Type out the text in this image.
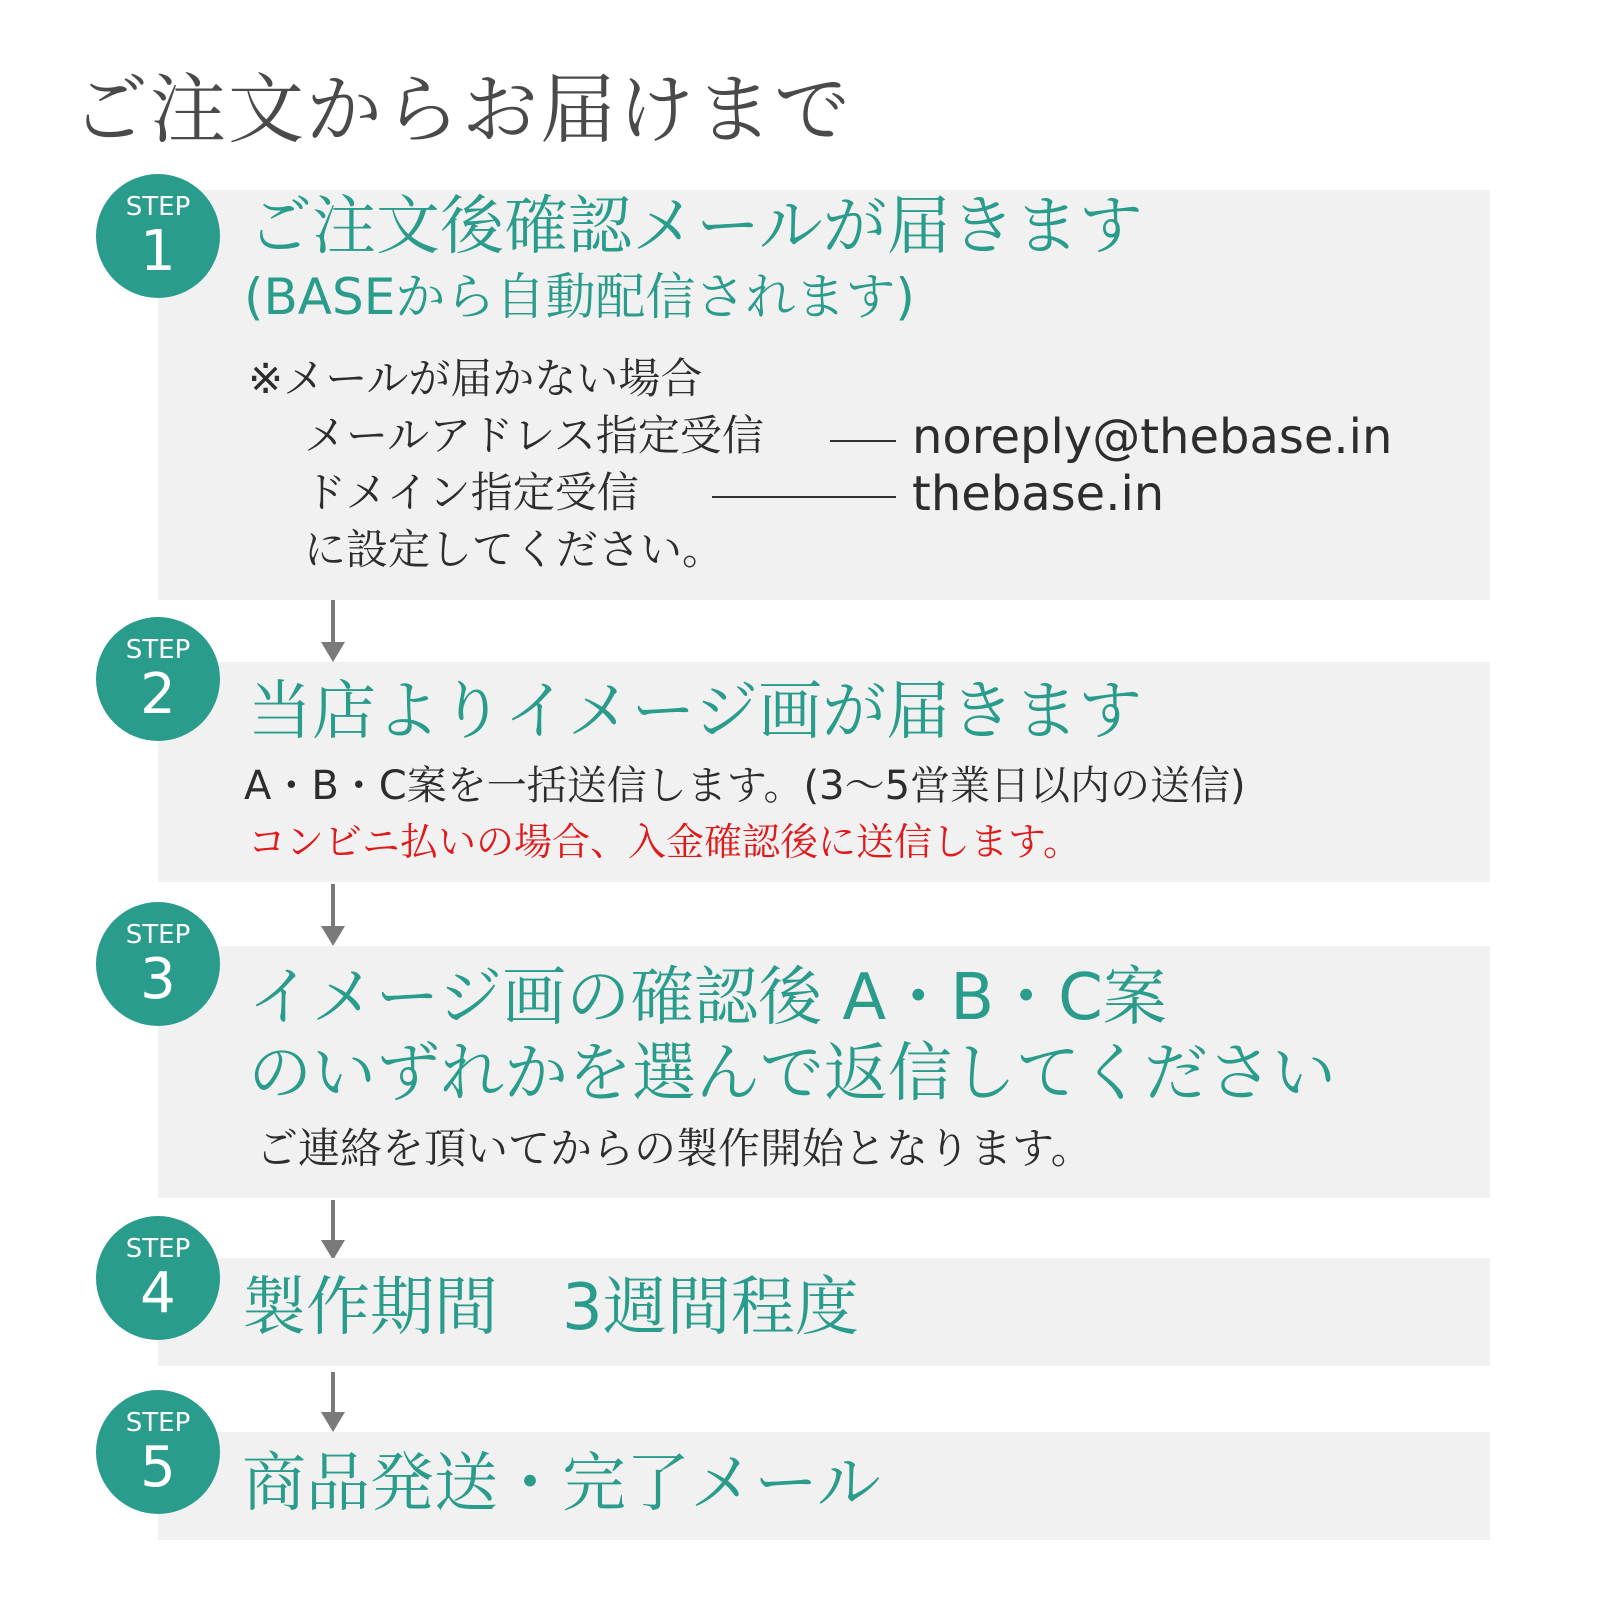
ご注文からお届けまで
STEP
1	ご注文後確認メールが届きます
(BASEから自動配信されます)
※メールが届かない場合
メールアドレス指定受信	noreply@thebase.in
ドメイン指定受信	thebase.in
に設定してください。
STEP
2	当店よりイメージ画が届きます
A・B・C案を一括送信します。(3〜5営業日以内の送信)
コンビニ払いの場合、入金確認後に送信します。
STEP
3	イメージ画の確認後 A・B・C案
のいずれかを選んで返信してください
ご連絡を頂いてからの製作開始となります。
STEP
4	製作期間　3週間程度
STEP
5	商品発送・完了メール
